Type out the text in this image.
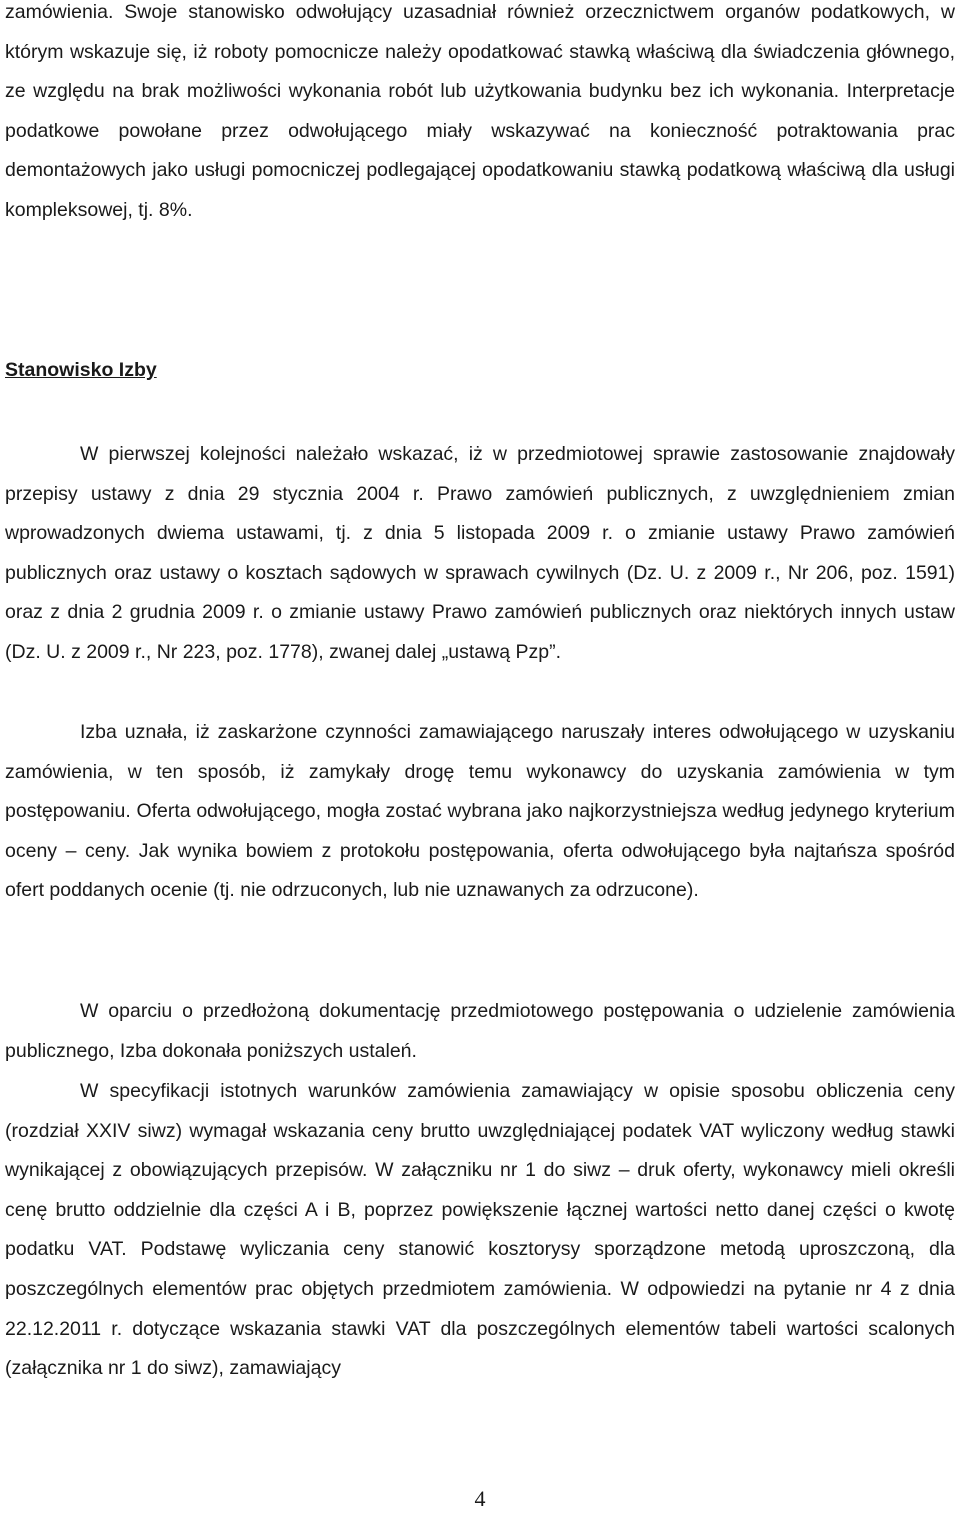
zamówienia. Swoje stanowisko odwołujący uzasadniał również orzecznictwem organów podatkowych, w którym wskazuje się, iż roboty pomocnicze należy opodatkować stawką właściwą dla świadczenia głównego, ze względu na brak możliwości wykonania robót lub użytkowania budynku bez ich wykonania. Interpretacje podatkowe powołane przez odwołującego miały wskazywać na konieczność potraktowania prac demontażowych jako usługi pomocniczej podlegającej opodatkowaniu stawką podatkową właściwą dla usługi kompleksowej, tj. 8%.

Stanowisko Izby

W pierwszej kolejności należało wskazać, iż w przedmiotowej sprawie zastosowanie znajdowały przepisy ustawy z dnia 29 stycznia 2004 r. Prawo zamówień publicznych, z uwzględnieniem zmian wprowadzonych dwiema ustawami, tj. z dnia 5 listopada 2009 r. o zmianie ustawy Prawo zamówień publicznych oraz ustawy o kosztach sądowych w sprawach cywilnych (Dz. U. z 2009 r., Nr 206, poz. 1591) oraz z dnia 2 grudnia 2009 r. o zmianie ustawy Prawo zamówień publicznych oraz niektórych innych ustaw (Dz. U. z 2009 r., Nr 223, poz. 1778), zwanej dalej „ustawą Pzp”.

Izba uznała, iż zaskarżone czynności zamawiającego naruszały interes odwołującego w uzyskaniu zamówienia, w ten sposób, iż zamykały drogę temu wykonawcy do uzyskania zamówienia w tym postępowaniu. Oferta odwołującego, mogła zostać wybrana jako najkorzystniejsza według jedynego kryterium oceny – ceny. Jak wynika bowiem z protokołu postępowania, oferta odwołującego była najtańsza spośród ofert poddanych ocenie (tj. nie odrzuconych, lub nie uznawanych za odrzucone).

W oparciu o przedłożoną dokumentację przedmiotowego postępowania o udzielenie zamówienia publicznego, Izba dokonała poniższych ustaleń.

W specyfikacji istotnych warunków zamówienia zamawiający w opisie sposobu obliczenia ceny (rozdział XXIV siwz) wymagał wskazania ceny brutto uwzględniającej podatek VAT wyliczony według stawki wynikającej z obowiązujących przepisów. W załączniku nr 1 do siwz – druk oferty, wykonawcy mieli określi cenę brutto oddzielnie dla części A i B, poprzez powiększenie łącznej wartości netto danej części o kwotę podatku VAT. Podstawę wyliczania ceny stanowić kosztorysy sporządzone metodą uproszczoną, dla poszczególnych elementów prac objętych przedmiotem zamówienia. W odpowiedzi na pytanie nr 4 z dnia 22.12.2011 r. dotyczące wskazania stawki VAT dla poszczególnych elementów tabeli wartości scalonych (załącznika nr 1 do siwz), zamawiający

4
